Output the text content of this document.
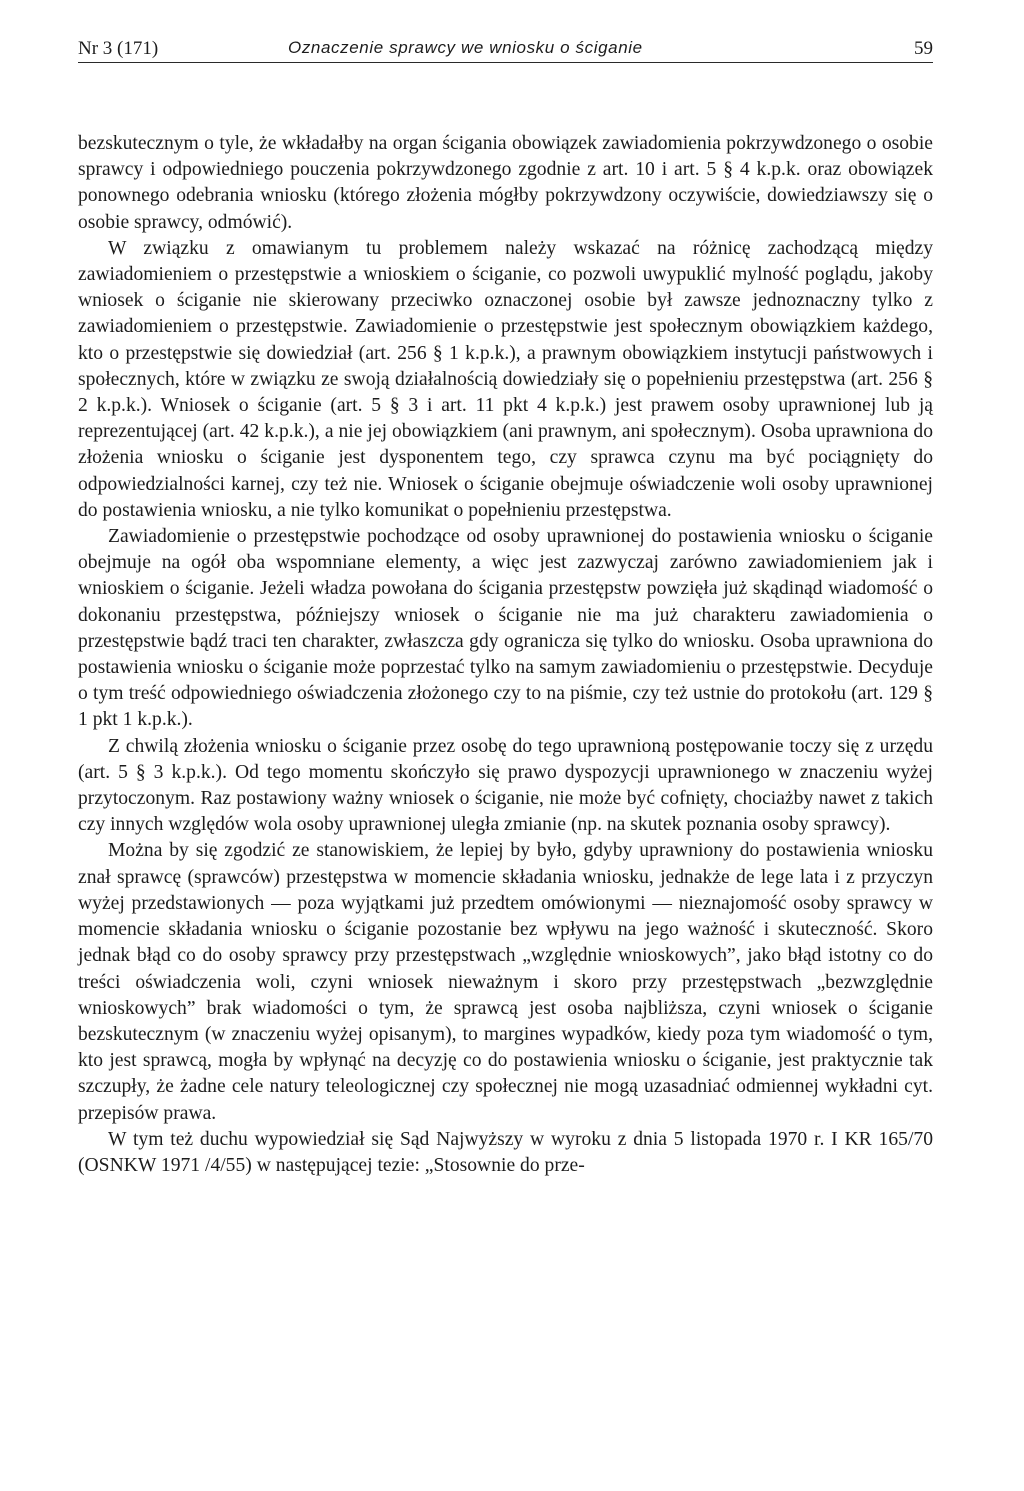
Nr 3 (171)	Oznaczenie sprawcy we wniosku o ściganie	59

bezskutecznym o tyle, że wkładałby na organ ścigania obowiązek zawiadomienia pokrzywdzonego o osobie sprawcy i odpowiedniego pouczenia pokrzywdzonego zgodnie z art. 10 i art. 5 § 4 k.p.k. oraz obowiązek ponownego odebrania wniosku (którego złożenia mógłby pokrzywdzony oczywiście, dowiedziawszy się o osobie sprawcy, odmówić).

W związku z omawianym tu problemem należy wskazać na różnicę zachodzącą między zawiadomieniem o przestępstwie a wnioskiem o ściganie, co pozwoli uwypuklić mylność poglądu, jakoby wniosek o ściganie nie skierowany przeciwko oznaczonej osobie był zawsze jednoznaczny tylko z zawiadomieniem o przestępstwie. Zawiadomienie o przestępstwie jest społecznym obowiązkiem każdego, kto o przestępstwie się dowiedział (art. 256 § 1 k.p.k.), a prawnym obowiązkiem instytucji państwowych i społecznych, które w związku ze swoją działalnością dowiedziały się o popełnieniu przestępstwa (art. 256 § 2 k.p.k.). Wniosek o ściganie (art. 5 § 3 i art. 11 pkt 4 k.p.k.) jest prawem osoby uprawnionej lub ją reprezentującej (art. 42 k.p.k.), a nie jej obowiązkiem (ani prawnym, ani społecznym). Osoba uprawniona do złożenia wniosku o ściganie jest dysponentem tego, czy sprawca czynu ma być pociągnięty do odpowiedzialności karnej, czy też nie. Wniosek o ściganie obejmuje oświadczenie woli osoby uprawnionej do postawienia wniosku, a nie tylko komunikat o popełnieniu przestępstwa.

Zawiadomienie o przestępstwie pochodzące od osoby uprawnionej do postawienia wniosku o ściganie obejmuje na ogół oba wspomniane elementy, a więc jest zazwyczaj zarówno zawiadomieniem jak i wnioskiem o ściganie. Jeżeli władza powołana do ścigania przestępstw powzięła już skądinąd wiadomość o dokonaniu przestępstwa, późniejszy wniosek o ściganie nie ma już charakteru zawiadomienia o przestępstwie bądź traci ten charakter, zwłaszcza gdy ogranicza się tylko do wniosku. Osoba uprawniona do postawienia wniosku o ściganie może poprzestać tylko na samym zawiadomieniu o przestępstwie. Decyduje o tym treść odpowiedniego oświadczenia złożonego czy to na piśmie, czy też ustnie do protokołu (art. 129 § 1 pkt 1 k.p.k.).

Z chwilą złożenia wniosku o ściganie przez osobę do tego uprawnioną postępowanie toczy się z urzędu (art. 5 § 3 k.p.k.). Od tego momentu skończyło się prawo dyspozycji uprawnionego w znaczeniu wyżej przytoczonym. Raz postawiony ważny wniosek o ściganie, nie może być cofnięty, chociażby nawet z takich czy innych względów wola osoby uprawnionej uległa zmianie (np. na skutek poznania osoby sprawcy).

Można by się zgodzić ze stanowiskiem, że lepiej by było, gdyby uprawniony do postawienia wniosku znał sprawcę (sprawców) przestępstwa w momencie składania wniosku, jednakże de lege lata i z przyczyn wyżej przedstawionych — poza wyjątkami już przedtem omówionymi — nieznajomość osoby sprawcy w momencie składania wniosku o ściganie pozostanie bez wpływu na jego ważność i skuteczność. Skoro jednak błąd co do osoby sprawcy przy przestępstwach „względnie wnioskowych”, jako błąd istotny co do treści oświadczenia woli, czyni wniosek nieważnym i skoro przy przestępstwach „bezwzględnie wnioskowych” brak wiadomości o tym, że sprawcą jest osoba najbliższa, czyni wniosek o ściganie bezskutecznym (w znaczeniu wyżej opisanym), to margines wypadków, kiedy poza tym wiadomość o tym, kto jest sprawcą, mogła by wpłynąć na decyzję co do postawienia wniosku o ściganie, jest praktycznie tak szczupły, że żadne cele natury teleologicznej czy społecznej nie mogą uzasadniać odmiennej wykładni cyt. przepisów prawa.

W tym też duchu wypowiedział się Sąd Najwyższy w wyroku z dnia 5 listopada 1970 r. I KR 165/70 (OSNKW 1971 /4/55) w następującej tezie: „Stosownie do prze-
